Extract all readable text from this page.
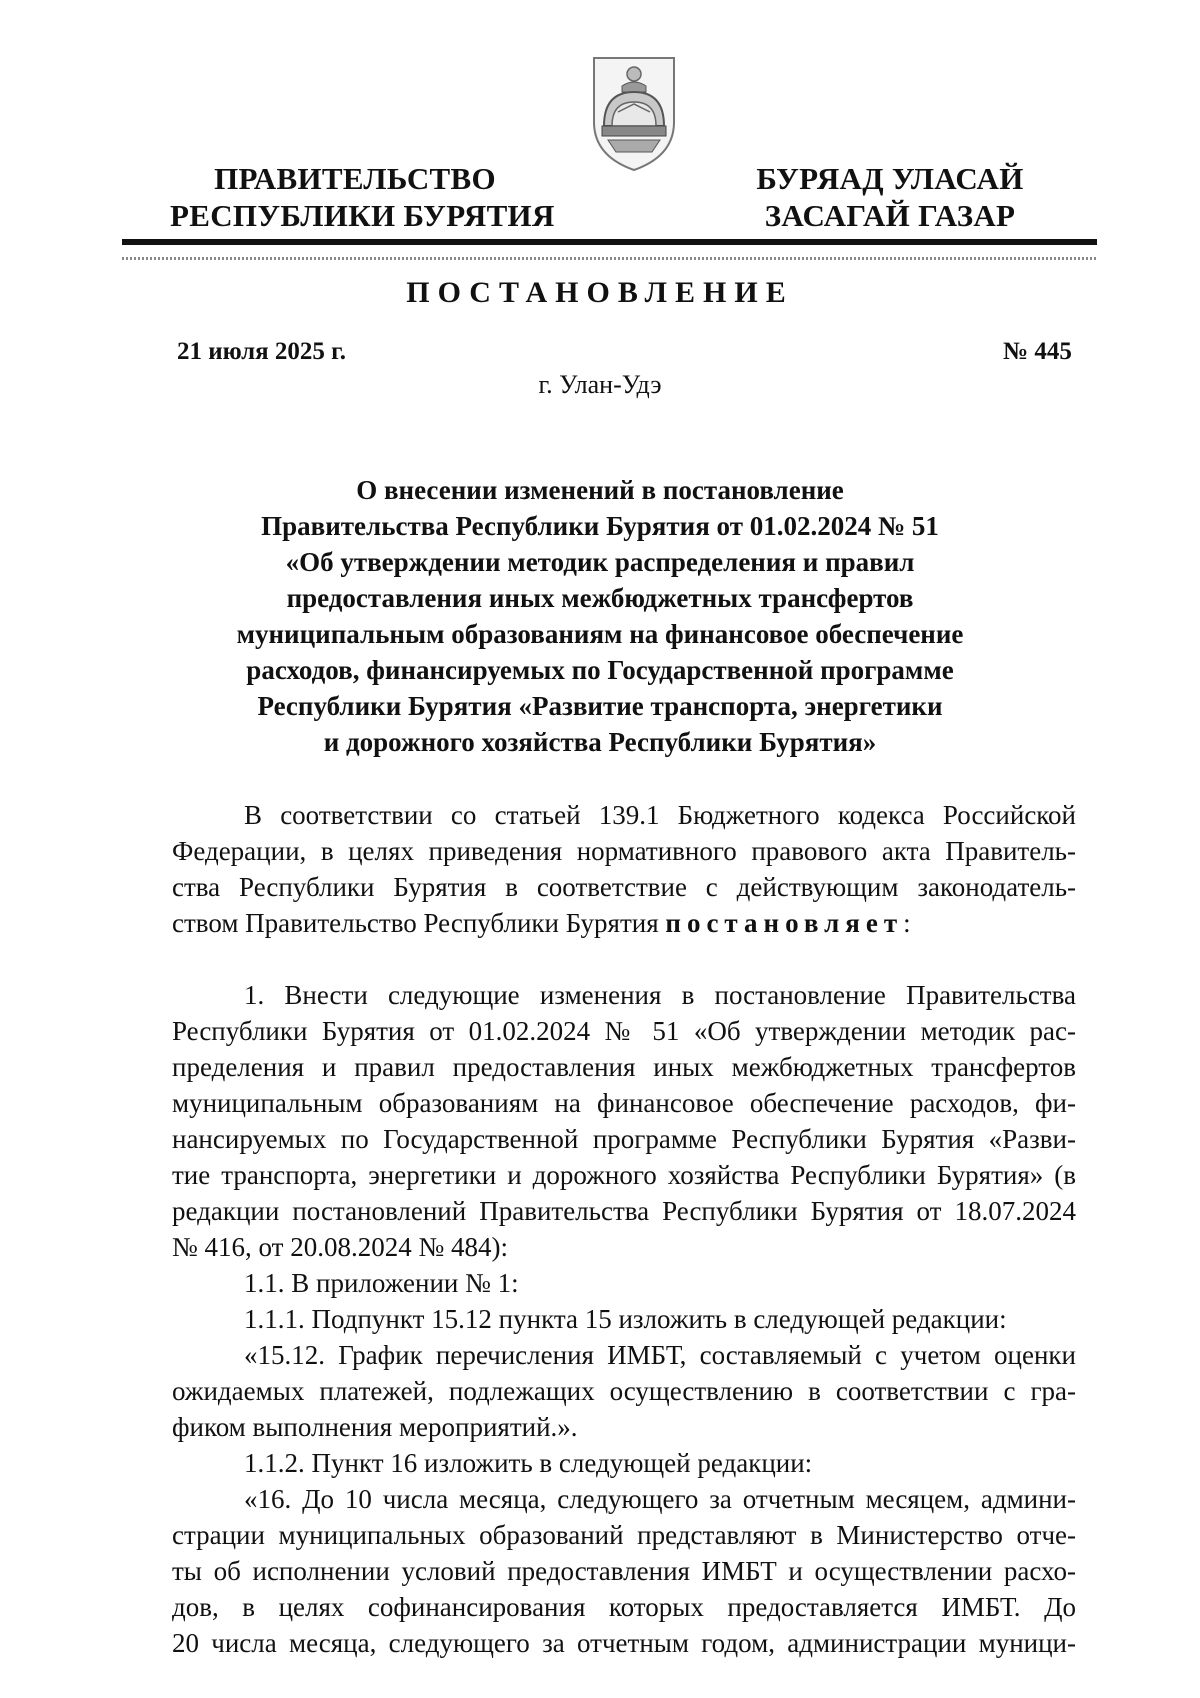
ПРАВИТЕЛЬСТВО
РЕСПУБЛИКИ БУРЯТИЯ
БУРЯАД УЛАСАЙ
ЗАСАГАЙ ГАЗАР
ПОСТАНОВЛЕНИЕ
21 июля 2025 г.	№ 445
г. Улан-Удэ
О внесении изменений в постановление
Правительства Республики Бурятия от 01.02.2024 № 51
«Об утверждении методик распределения и правил
предоставления иных межбюджетных трансфертов
муниципальным образованиям на финансовое обеспечение
расходов, финансируемых по Государственной программе
Республики Бурятия «Развитие транспорта, энергетики
и дорожного хозяйства Республики Бурятия»
В соответствии со статьей 139.1 Бюджетного кодекса Российской
Федерации, в целях приведения нормативного правового акта Правитель-
ства Республики Бурятия в соответствие с действующим законодатель-
ством Правительство Республики Бурятия постановляет:
1. Внести следующие изменения в постановление Правительства
Республики Бурятия от 01.02.2024 № 51 «Об утверждении методик рас-
пределения и правил предоставления иных межбюджетных трансфертов
муниципальным образованиям на финансовое обеспечение расходов, фи-
нансируемых по Государственной программе Республики Бурятия «Разви-
тие транспорта, энергетики и дорожного хозяйства Республики Бурятия» (в
редакции постановлений Правительства Республики Бурятия от 18.07.2024
№ 416, от 20.08.2024 № 484):
1.1. В приложении № 1:
1.1.1. Подпункт 15.12 пункта 15 изложить в следующей редакции:
«15.12. График перечисления ИМБТ, составляемый с учетом оценки
ожидаемых платежей, подлежащих осуществлению в соответствии с гра-
фиком выполнения мероприятий.».
1.1.2. Пункт 16 изложить в следующей редакции:
«16. До 10 числа месяца, следующего за отчетным месяцем, админи-
страции муниципальных образований представляют в Министерство отче-
ты об исполнении условий предоставления ИМБТ и осуществлении расхо-
дов, в целях софинансирования которых предоставляется ИМБТ. До
20 числа месяца, следующего за отчетным годом, администрации муници-
